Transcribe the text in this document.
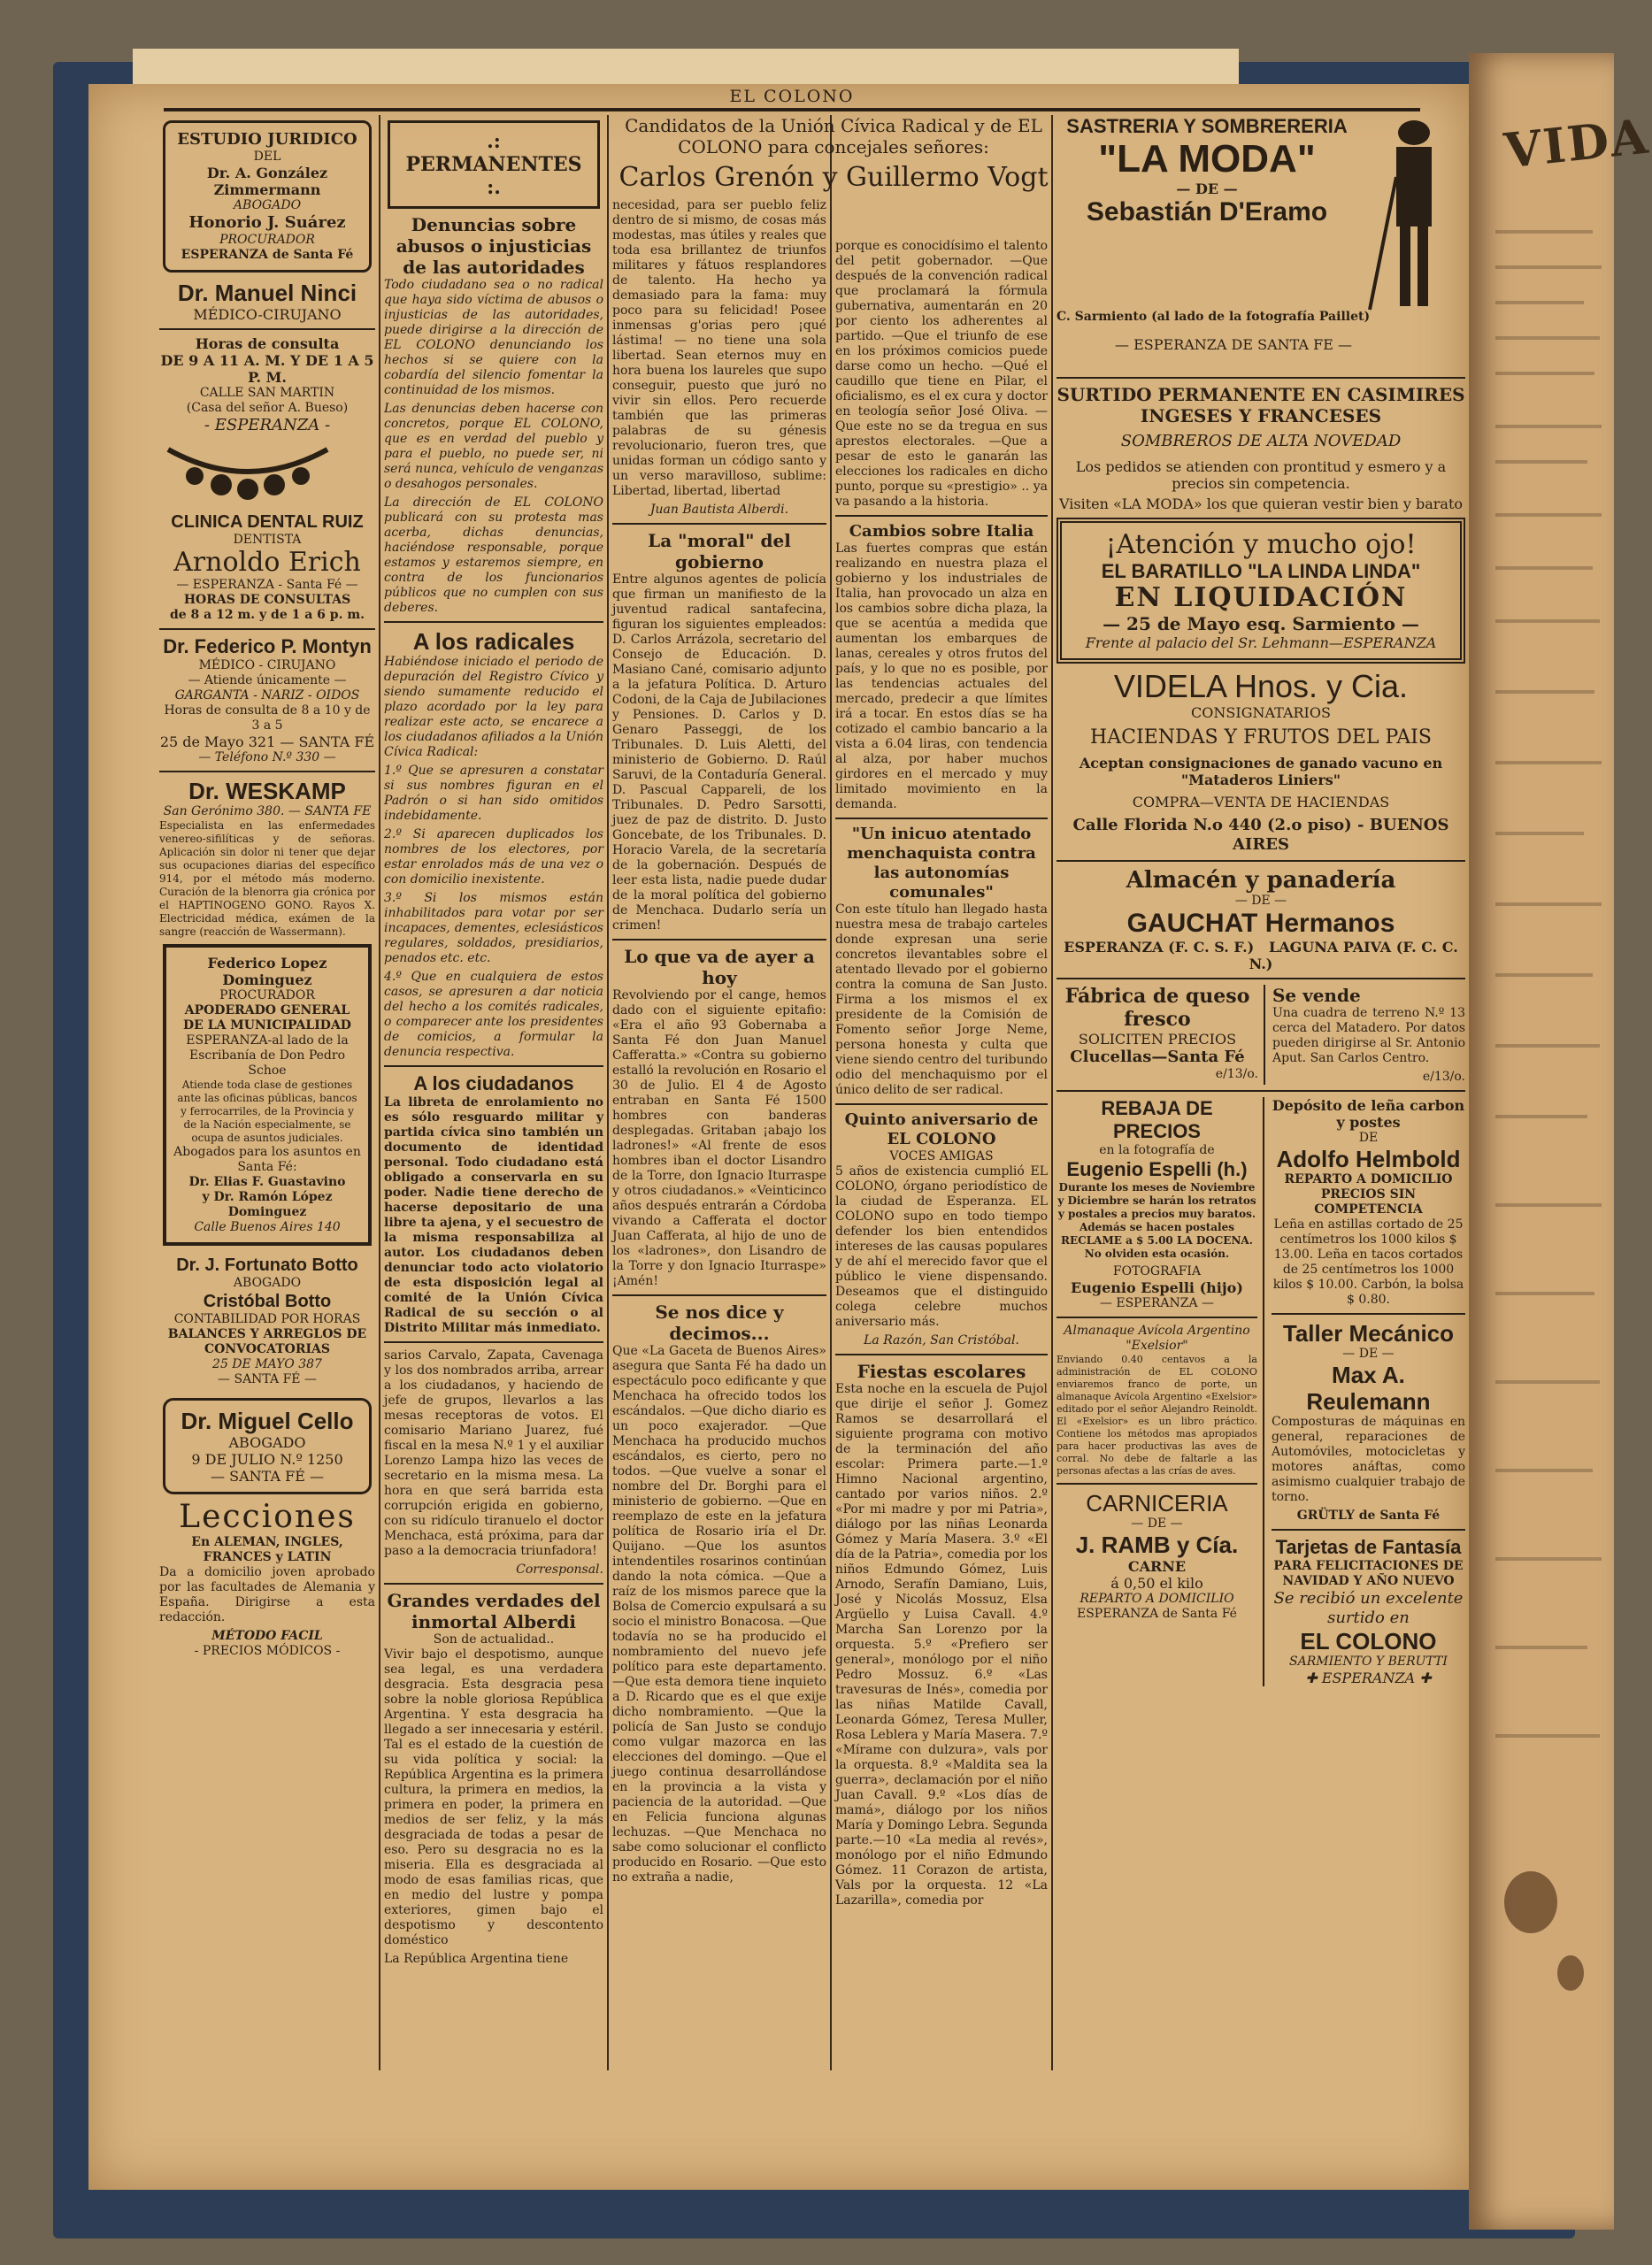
VIDA
EL COLONO
ESTUDIO JURIDICO
DEL
Dr. A. González Zimmermann
ABOGADO
Honorio J. Suárez
PROCURADOR
ESPERANZA de Santa Fé
Dr. Manuel Ninci
MÉDICO-CIRUJANO
Horas de consulta
DE 9 A 11 A. M. Y DE 1 A 5 P. M.
CALLE SAN MARTIN
(Casa del señor A. Bueso)
- ESPERANZA -
CLINICA DENTAL RUIZ
DENTISTA
Arnoldo Erich
— ESPERANZA - Santa Fé —
HORAS DE CONSULTAS
de 8 a 12 m. y de 1 a 6 p. m.
Dr. Federico P. Montyn
MÉDICO - CIRUJANO
— Atiende únicamente —
GARGANTA - NARIZ - OIDOS
Horas de consulta de 8 a 10 y de 3 a 5
25 de Mayo 321 — SANTA FÉ
— Teléfono N.º 330 —
Dr. WESKAMP
San Gerónimo 380. — SANTA FE

Especialista en las enfermedades venereo-sifilíticas y de señoras. Aplicación sin dolor ni tener que dejar sus ocupaciones diarias del específico 914, por el método más moderno. Curación de la blenorra gia crónica por el HAPTINOGENO GONO. Rayos X. Electricidad médica, exámen de la sangre (reacción de Wassermann).

Federico Lopez Dominguez
PROCURADOR
APODERADO GENERAL DE LA MUNICIPALIDAD
ESPERANZA-al lado de la Escribanía de Don Pedro Schoe
Atiende toda clase de gestiones ante las oficinas públicas, bancos y ferrocarriles, de la Provincia y de la Nación especialmente, se ocupa de asuntos judiciales.
Abogados para los asuntos en Santa Fé:
Dr. Elias F. Guastavino
y Dr. Ramón López Dominguez
Calle Buenos Aires 140
Dr. J. Fortunato Botto
ABOGADO
Cristóbal Botto
CONTABILIDAD POR HORAS
BALANCES Y ARREGLOS DE CONVOCATORIAS
25 DE MAYO 387
— SANTA FÉ —
Dr. Miguel Cello
ABOGADO
9 DE JULIO N.º 1250
— SANTA FÉ —
Lecciones
En ALEMAN, INGLES, FRANCES y LATIN

Da a domicilio joven aprobado por las facultades de Alemania y España. Dirigirse a esta redacción.

MÉTODO FACIL
- PRECIOS MÓDICOS -
.: PERMANENTES :.
Denuncias sobre abusos o injusticias de las autoridades

Todo ciudadano sea o no radical que haya sido víctima de abusos o injusticias de las autoridades, puede dirigirse a la dirección de EL COLONO denunciando los hechos si se quiere con la cobardía del silencio fomentar la continuidad de los mismos.

Las denuncias deben hacerse con concretos, porque EL COLONO, que es en verdad del pueblo y para el pueblo, no puede ser, ni será nunca, vehículo de venganzas o desahogos personales.

La dirección de EL COLONO publicará con su protesta mas acerba, dichas denuncias, haciéndose responsable, porque estamos y estaremos siempre, en contra de los funcionarios públicos que no cumplen con sus deberes.

A los radicales

Habiéndose iniciado el periodo de depuración del Registro Cívico y siendo sumamente reducido el plazo acordado por la ley para realizar este acto, se encarece a los ciudadanos afiliados a la Unión Cívica Radical:

1.º Que se apresuren a constatar si sus nombres figuran en el Padrón o si han sido omitidos indebidamente.

2.º Si aparecen duplicados los nombres de los electores, por estar enrolados más de una vez o con domicilio inexistente.

3.º Si los mismos están inhabilitados para votar por ser incapaces, dementes, eclesiásticos regulares, soldados, presidiarios, penados etc. etc.

4.º Que en cualquiera de estos casos, se apresuren a dar noticia del hecho a los comités radicales, o comparecer ante los presidentes de comicios, a formular la denuncia respectiva.

A los ciudadanos

La libreta de enrolamiento no es sólo resguardo militar y partida cívica sino también un documento de identidad personal. Todo ciudadano está obligado a conservarla en su poder. Nadie tiene derecho de hacerse depositario de una libre ta ajena, y el secuestro de la misma responsabiliza al autor. Los ciudadanos deben denunciar todo acto violatorio de esta disposición legal al comité de la Unión Cívica Radical de su sección o al Distrito Militar más inmediato.

sarios Carvalo, Zapata, Cavenaga y los dos nombrados arriba, arrear a los ciudadanos, y haciendo de jefe de grupos, llevarlos a las mesas receptoras de votos. El comisario Mariano Juarez, fué fiscal en la mesa N.º 1 y el auxiliar Lorenzo Lampa hizo las veces de secretario en la misma mesa. La hora en que será barrida esta corrupción erigida en gobierno, con su ridículo tiranuelo el doctor Menchaca, está próxima, para dar paso a la democracia triunfadora!

Corresponsal.
Grandes verdades del inmortal Alberdi
Son de actualidad..

Vivir bajo el despotismo, aunque sea legal, es una verdadera desgracia. Esta desgracia pesa sobre la noble gloriosa República Argentina. Y esta desgracia ha llegado a ser innecesaria y estéril. Tal es el estado de la cuestión de su vida política y social: la República Argentina es la primera cultura, la primera en medios, la primera en poder, la primera en medios de ser feliz, y la más desgraciada de todas a pesar de eso. Pero su desgracia no es la miseria. Ella es desgraciada al modo de esas familias ricas, que en medio del lustre y pompa exteriores, gimen bajo el despotismo y descontento doméstico

La República Argentina tiene

Candidatos de la Unión Cívica Radical y de EL COLONO para concejales señores:
Carlos Grenón y Guillermo Vogt

necesidad, para ser pueblo feliz dentro de si mismo, de cosas más modestas, mas útiles y reales que toda esa brillantez de triunfos militares y fátuos resplandores de talento. Ha hecho ya demasiado para la fama: muy poco para su felicidad! Posee inmensas g'orias pero ¡qué lástima! — no tiene una sola libertad. Sean eternos muy en hora buena los laureles que supo conseguir, puesto que juró no vivir sin ellos. Pero recuerde también que las primeras palabras de su génesis revolucionario, fueron tres, que unidas forman un código santo y un verso maravilloso, sublime: Libertad, libertad, libertad

Juan Bautista Alberdi.
La "moral" del gobierno

Entre algunos agentes de policía que firman un manifiesto de la juventud radical santafecina, figuran los siguientes empleados: D. Carlos Arrázola, secretario del Consejo de Educación. D. Masiano Cané, comisario adjunto a la jefatura Política. D. Arturo Codoni, de la Caja de Jubilaciones y Pensiones. D. Carlos y D. Genaro Passeggi, de los Tribunales. D. Luis Aletti, del ministerio de Gobierno. D. Raúl Saruvi, de la Contaduría General. D. Pascual Cappareli, de los Tribunales. D. Pedro Sarsotti, juez de paz de distrito. D. Justo Goncebate, de los Tribunales. D. Horacio Varela, de la secretaría de la gobernación. Después de leer esta lista, nadie puede dudar de la moral política del gobierno de Menchaca. Dudarlo sería un crimen!

Lo que va de ayer a hoy

Revolviendo por el cange, hemos dado con el siguiente epitafio: «Era el año 93 Gobernaba a Santa Fé don Juan Manuel Cafferatta.» «Contra su gobierno estalló la revolución en Rosario el 30 de Julio. El 4 de Agosto entraban en Santa Fé 1500 hombres con banderas desplegadas. Gritaban ¡abajo los ladrones!» «Al frente de esos hombres iban el doctor Lisandro de la Torre, don Ignacio Iturraspe y otros ciudadanos.» «Veinticinco años después entrarán a Córdoba vivando a Cafferata el doctor Juan Cafferata, al hijo de uno de los «ladrones», don Lisandro de la Torre y don Ignacio Iturraspe» ¡Amén!

Se nos dice y decimos...

Que «La Gaceta de Buenos Aires» asegura que Santa Fé ha dado un espectáculo poco edificante y que Menchaca ha ofrecido todos los escándalos. —Que dicho diario es un poco exajerador. —Que Menchaca ha producido muchos escándalos, es cierto, pero no todos. —Que vuelve a sonar el nombre del Dr. Borghi para el ministerio de gobierno. —Que en reemplazo de este en la jefatura política de Rosario iría el Dr. Quijano. —Que los asuntos intendentiles rosarinos continúan dando la nota cómica. —Que a raíz de los mismos parece que la Bolsa de Comercio expulsará a su socio el ministro Bonacosa. —Que todavía no se ha producido el nombramiento del nuevo jefe político para este departamento. —Que esta demora tiene inquieto a D. Ricardo que es el que exije dicho nombramiento. —Que la policía de San Justo se condujo como vulgar mazorca en las elecciones del domingo. —Que el juego continua desarrollándose en la provincia a la vista y paciencia de la autoridad. —Que en Felicia funciona algunas lechuzas. —Que Menchaca no sabe como solucionar el conflicto producido en Rosario. —Que esto no extraña a nadie,

porque es conocidísimo el talento del petit gobernador. —Que después de la convención radical que proclamará la fórmula gubernativa, aumentarán en 20 por ciento los adherentes al partido. —Que el triunfo de ese en los próximos comicios puede darse como un hecho. —Qué el caudillo que tiene en Pilar, el oficialismo, es el ex cura y doctor en teología señor José Oliva. —Que este no se da tregua en sus aprestos electorales. —Que a pesar de esto le ganarán las elecciones los radicales en dicho punto, porque su «prestigio» .. ya va pasando a la historia.

Cambios sobre Italia

Las fuertes compras que están realizando en nuestra plaza el gobierno y los industriales de Italia, han provocado un alza en los cambios sobre dicha plaza, la que se acentúa a medida que aumentan los embarques de lanas, cereales y otros frutos del país, y lo que no es posible, por las tendencias actuales del mercado, predecir a que límites irá a tocar. En estos días se ha cotizado el cambio bancario a la vista a 6.04 liras, con tendencia al alza, por haber muchos girdores en el mercado y muy limitado movimiento en la demanda.

"Un inicuo atentado menchaquista contra las autonomías comunales"

Con este título han llegado hasta nuestra mesa de trabajo carteles donde expresan una serie concretos ilevantables sobre el atentado llevado por el gobierno contra la comuna de San Justo. Firma a los mismos el ex presidente de la Comisión de Fomento señor Jorge Neme, persona honesta y culta que viene siendo centro del turibundo odio del menchaquismo por el único delito de ser radical.

Quinto aniversario de EL COLONO
VOCES AMIGAS

5 años de existencia cumplió EL COLONO, órgano periodístico de la ciudad de Esperanza. EL COLONO supo en todo tiempo defender los bien entendidos intereses de las causas populares y de ahí el merecido favor que el público le viene dispensando. Deseamos que el distinguido colega celebre muchos aniversario más.

La Razón, San Cristóbal.
Fiestas escolares

Esta noche en la escuela de Pujol que dirije el señor J. Gomez Ramos se desarrollará el siguiente programa con motivo de la terminación del año escolar: Primera parte.—1.º Himno Nacional argentino, cantado por varios niños. 2.º «Por mi madre y por mi Patria», diálogo por las niñas Leonarda Gómez y María Masera. 3.º «El día de la Patria», comedia por los niños Edmundo Gómez, Luis Arnodo, Serafín Damiano, Luis, José y Nicolás Mossuz, Elsa Argüello y Luisa Cavall. 4.º Marcha San Lorenzo por la orquesta. 5.º «Prefiero ser general», monólogo por el niño Pedro Mossuz. 6.º «Las travesuras de Inés», comedia por las niñas Matilde Cavall, Leonarda Gómez, Teresa Muller, Rosa Leblera y María Masera. 7.º «Mírame con dulzura», vals por la orquesta. 8.º «Maldita sea la guerra», declamación por el niño Juan Cavall. 9.º «Los días de mamá», diálogo por los niños María y Domingo Lebra. Segunda parte.—10 «La media al revés», monólogo por el niño Edmundo Gómez. 11 Corazon de artista, Vals por la orquesta. 12 «La Lazarilla», comedia por

SASTRERIA Y SOMBRERERIA
"LA MODA"
— DE —
Sebastián D'Eramo
C. Sarmiento (al lado de la fotografía Paillet)
— ESPERANZA DE SANTA FE —
SURTIDO PERMANENTE EN CASIMIRES INGESES Y FRANCESES
SOMBREROS DE ALTA NOVEDAD

Los pedidos se atienden con prontitud y esmero y a precios sin competencia.

Visiten «LA MODA» los que quieran vestir bien y barato

¡Atención y mucho ojo!
EL BARATILLO "LA LINDA LINDA"
EN LIQUIDACIÓN
— 25 de Mayo esq. Sarmiento —
Frente al palacio del Sr. Lehmann—ESPERANZA
VIDELA Hnos. y Cia.
CONSIGNATARIOS
HACIENDAS Y FRUTOS DEL PAIS
Aceptan consignaciones de ganado vacuno en "Mataderos Liniers"
COMPRA—VENTA DE HACIENDAS
Calle Florida N.o 440 (2.o piso) - BUENOS AIRES
Almacén y panadería
— DE —
GAUCHAT Hermanos
ESPERANZA (F. C. S. F.) LAGUNA PAIVA (F. C. C. N.)
Fábrica de queso fresco
SOLICITEN PRECIOS
Clucellas—Santa Fé
e/13/o.
Se vende

Una cuadra de terreno N.º 13 cerca del Matadero. Por datos pueden dirigirse al Sr. Antonio Aput. San Carlos Centro.

e/13/o.
REBAJA DE PRECIOS
en la fotografía de
Eugenio Espelli (h.)

Durante los meses de Noviembre y Diciembre se harán los retratos y postales a precios muy baratos. Además se hacen postales RECLAME a $ 5.00 LA DOCENA. No olviden esta ocasión.

FOTOGRAFIA
Eugenio Espelli (hijo)
— ESPERANZA —
Almanaque Avícola Argentino "Exelsior"

Enviando 0.40 centavos a la administración de EL COLONO enviaremos franco de porte, un almanaque Avícola Argentino «Exelsior» editado por el señor Alejandro Reinoldt. El «Exelsior» es un libro práctico. Contiene los métodos mas apropiados para hacer productivas las aves de corral. No debe de faltarle a las personas afectas a las crías de aves.

CARNICERIA
— DE —
J. RAMB y Cía.
CARNE
á 0,50 el kilo
REPARTO A DOMICILIO
ESPERANZA de Santa Fé
Depósito de leña carbon y postes
DE
Adolfo Helmbold
REPARTO A DOMICILIO
PRECIOS SIN COMPETENCIA

Leña en astillas cortado de 25 centímetros los 1000 kilos $ 13.00. Leña en tacos cortados de 25 centímetros los 1000 kilos $ 10.00. Carbón, la bolsa $ 0.80.

Taller Mecánico
— DE —
Max A. Reulemann

Composturas de máquinas en general, reparaciones de Automóviles, motocicletas y motores anáftas, como asimismo cualquier trabajo de torno.

GRÜTLY de Santa Fé
Tarjetas de Fantasía
PARA FELICITACIONES DE NAVIDAD Y AÑO NUEVO
Se recibió un excelente surtido en
EL COLONO
SARMIENTO Y BERUTTI
✚ ESPERANZA ✚
